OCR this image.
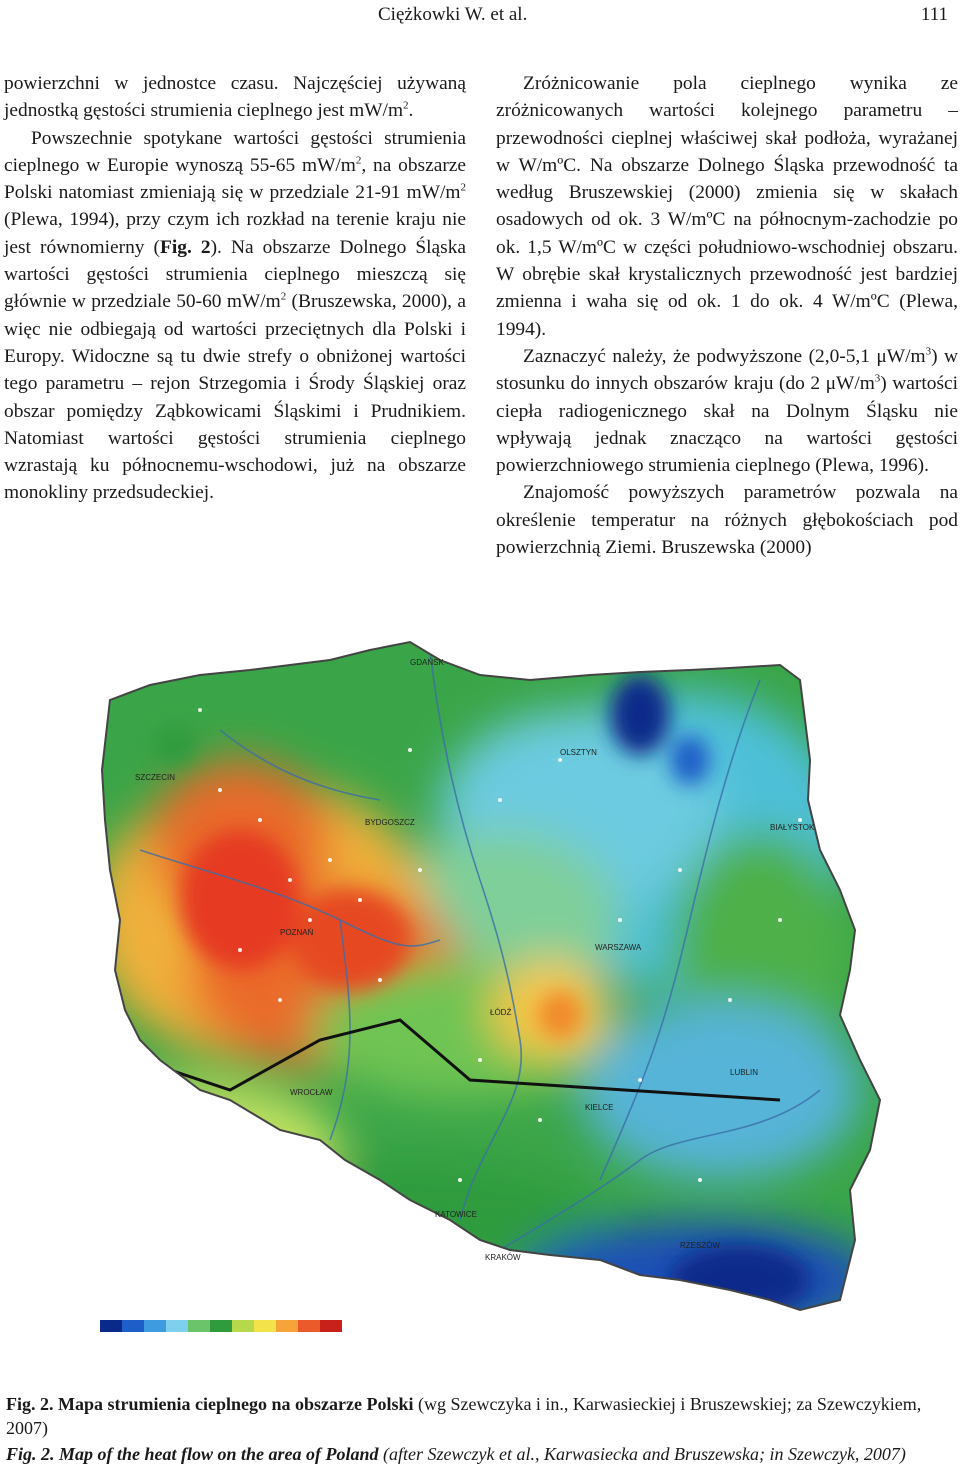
Ciężkowki W. et al.	111

powierzchni w jednostce czasu. Najczęściej używaną jednostką gęstości strumienia cieplnego jest $mW/m^2$.

Powszechnie spotykane wartości gęstości strumienia cieplnego w Europie wynoszą 55-65 $mW/m^2$, na obszarze Polski natomiast zmieniają się w przedziale 21-91 $mW/m^2$ (Plewa, 1994), przy czym ich rozkład na terenie kraju nie jest równomierny (Fig. 2). Na obszarze Dolnego Śląska wartości gęstości strumienia cieplnego mieszczą się głównie w przedziale 50-60 $mW/m^2$ (Bruszewska, 2000), a więc nie odbiegają od wartości przeciętnych dla Polski i Europy. Widoczne są tu dwie strefy o obniżonej wartości tego parametru – rejon Strzegomia i Środy Śląskiej oraz obszar pomiędzy Ząbkowicami Śląskimi i Prudnikiem. Natomiast wartości gęstości strumienia cieplnego wzrastają ku północnemu-wschodowi, już na obszarze monokliny przedsudeckiej.

Zróżnicowanie pola cieplnego wynika ze zróżnicowanych wartości kolejnego parametru – przewodności cieplnej właściwej skał podłoża, wyrażanej w W/mºC. Na obszarze Dolnego Śląska przewodność ta według Bruszewskiej (2000) zmienia się w skałach osadowych od ok. 3 W/mºC na północnym-zachodzie po ok. 1,5 W/mºC w części południowo-wschodniej obszaru. W obrębie skał krystalicznych przewodność jest bardziej zmienna i waha się od ok. 1 do ok. 4 W/mºC (Plewa, 1994).

Zaznaczyć należy, że podwyższone (2,0-5,1 $\mu W/m^3$) w stosunku do innych obszarów kraju (do 2 $\mu W/m^3$) wartości ciepła radiogenicznego skał na Dolnym Śląsku nie wpływają jednak znacząco na wartości gęstości powierzchniowego strumienia cieplnego (Plewa, 1996).

Znajomość powyższych parametrów pozwala na określenie temperatur na różnych głębokościach pod powierzchnią Ziemi. Bruszewska (2000)

GDAŃSK
OLSZTYN
BIAŁYSTOK
SZCZECIN
BYDGOSZCZ
POZNAŃ
WARSZAWA
ŁÓDŹ
LUBLIN
WROCŁAW
KIELCE
KATOWICE
KRAKÓW
RZESZÓW
Fig. 2. Mapa strumienia cieplnego na obszarze Polski (wg Szewczyka i in., Karwasieckiej i Bruszewskiej; za Szewczykiem, 2007)
Fig. 2. Map of the heat flow on the area of Poland (after Szewczyk et al., Karwasiecka and Bruszewska; in Szewczyk, 2007)
